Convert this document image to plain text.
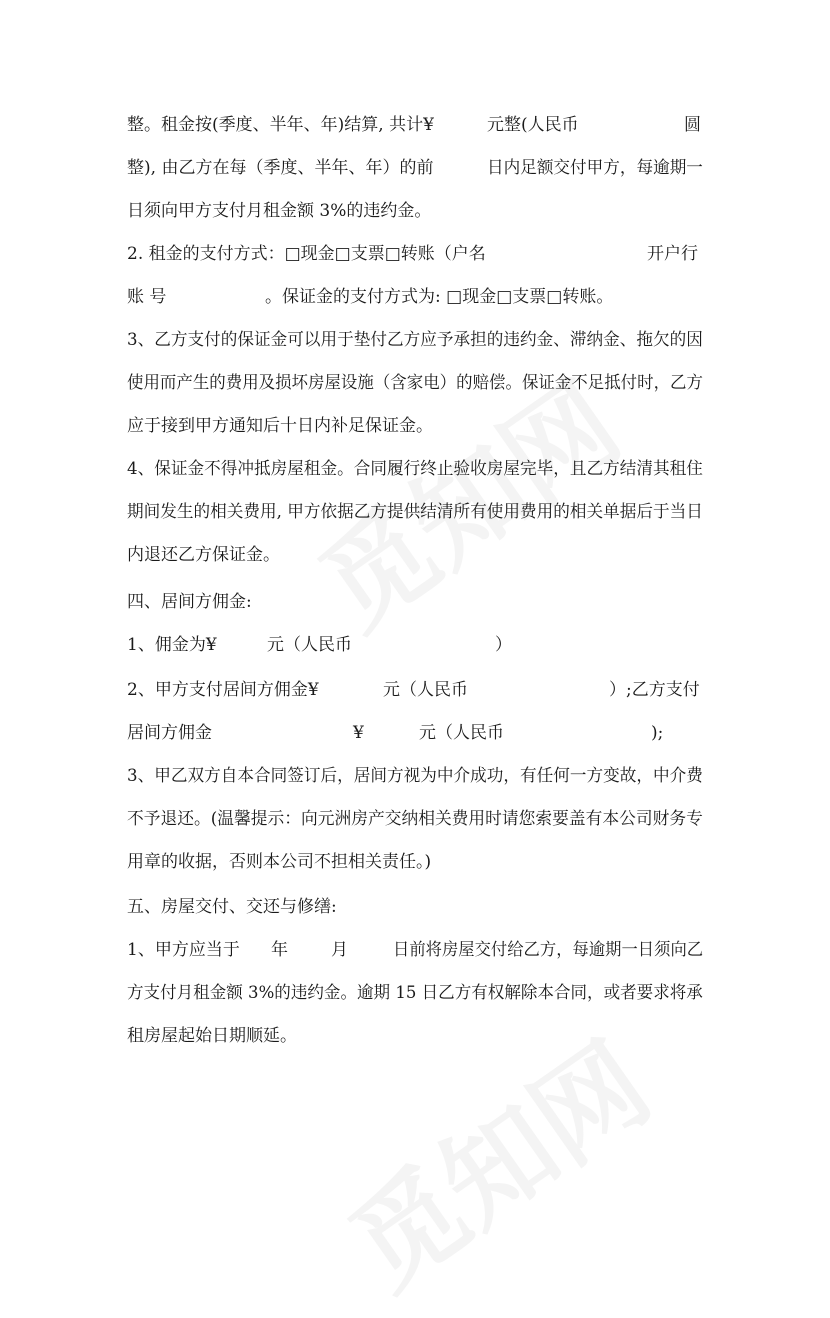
整。租金按(季度、半年、年)结算, 共计¥	元整(人民币	圆
整), 由乙方在每（季度、半年、年）的前	日内足额交付甲方，每逾期一
日须向甲方支付月租金额 3%的违约金。
2. 租金的支付方式：□现金□支票□转账（户名	开户行
账 号	。保证金的支付方式为: □现金□支票□转账。
3、乙方支付的保证金可以用于垫付乙方应予承担的违约金、滞纳金、拖欠的因
使用而产生的费用及损坏房屋设施（含家电）的赔偿。保证金不足抵付时，乙方
应于接到甲方通知后十日内补足保证金。
4、保证金不得冲抵房屋租金。合同履行终止验收房屋完毕，且乙方结清其租住
期间发生的相关费用, 甲方依据乙方提供结清所有使用费用的相关单据后于当日
内退还乙方保证金。
四、居间方佣金:
1、佣金为¥	元（人民币	）
2、甲方支付居间方佣金¥	元（人民币	）;乙方支付
居间方佣金	¥	元（人民币	);
3、甲乙双方自本合同签订后，居间方视为中介成功，有任何一方变故，中介费
不予退还。(温馨提示：向元洲房产交纳相关费用时请您索要盖有本公司财务专
用章的收据，否则本公司不担相关责任。)
五、房屋交付、交还与修缮:
1、甲方应当于 年	月	日前将房屋交付给乙方，每逾期一日须向乙
方支付月租金额 3%的违约金。逾期 15 日乙方有权解除本合同，或者要求将承
租房屋起始日期顺延。
